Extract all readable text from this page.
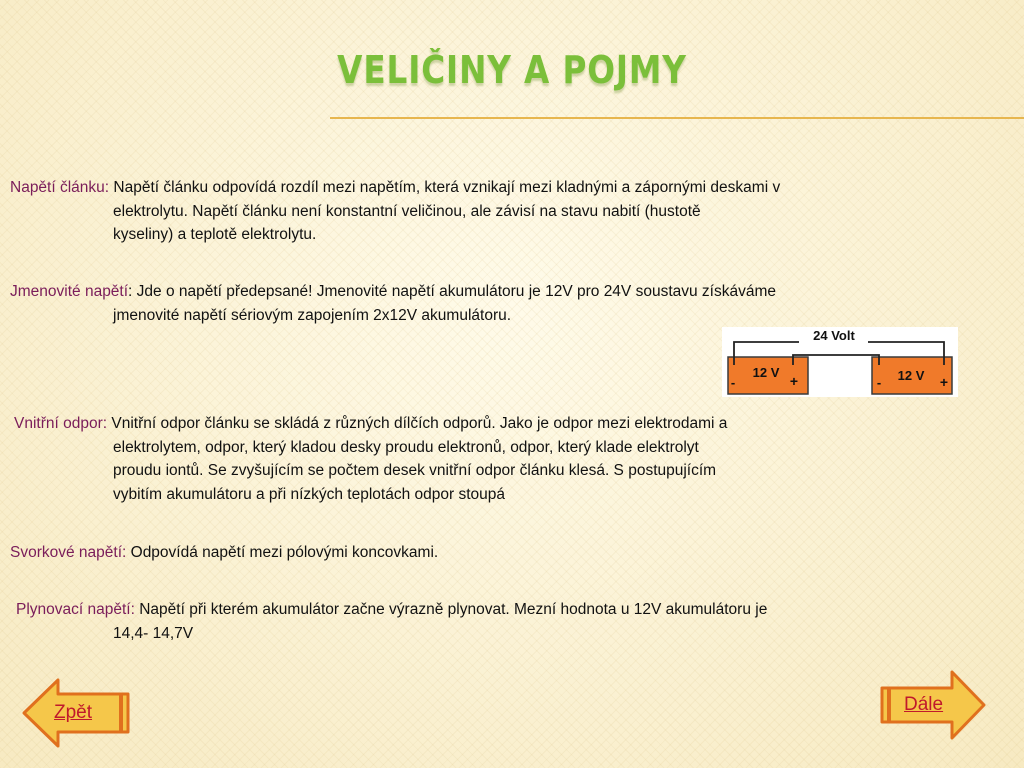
VELIČINY A POJMY

Napětí článku: Napětí článku odpovídá rozdíl mezi napětím, která vznikají mezi kladnými a zápornými deskami v
elektrolytu. Napětí článku není konstantní veličinou, ale závisí na stavu nabití (hustotě
kyseliny) a teplotě elektrolytu.

Jmenovité napětí: Jde o napětí předepsané! Jmenovité napětí akumulátoru je 12V pro 24V soustavu získáváme
jmenovité napětí sériovým zapojením 2x12V akumulátoru.

24 Volt
12 V
-	+	12 V
-	+

Vnitřní odpor: Vnitřní odpor článku se skládá z různých dílčích odporů. Jako je odpor mezi elektrodami a
elektrolytem, odpor, který kladou desky proudu elektronů, odpor, který klade elektrolyt
proudu iontů. Se zvyšujícím se počtem desek vnitřní odpor článku klesá. S postupujícím
vybitím akumulátoru a při nízkých teplotách odpor stoupá

Svorkové napětí: Odpovídá napětí mezi pólovými koncovkami.

Plynovací napětí: Napětí při kterém akumulátor začne výrazně plynovat. Mezní hodnota u 12V akumulátoru je
14,4- 14,7V

Zpět	Dále
